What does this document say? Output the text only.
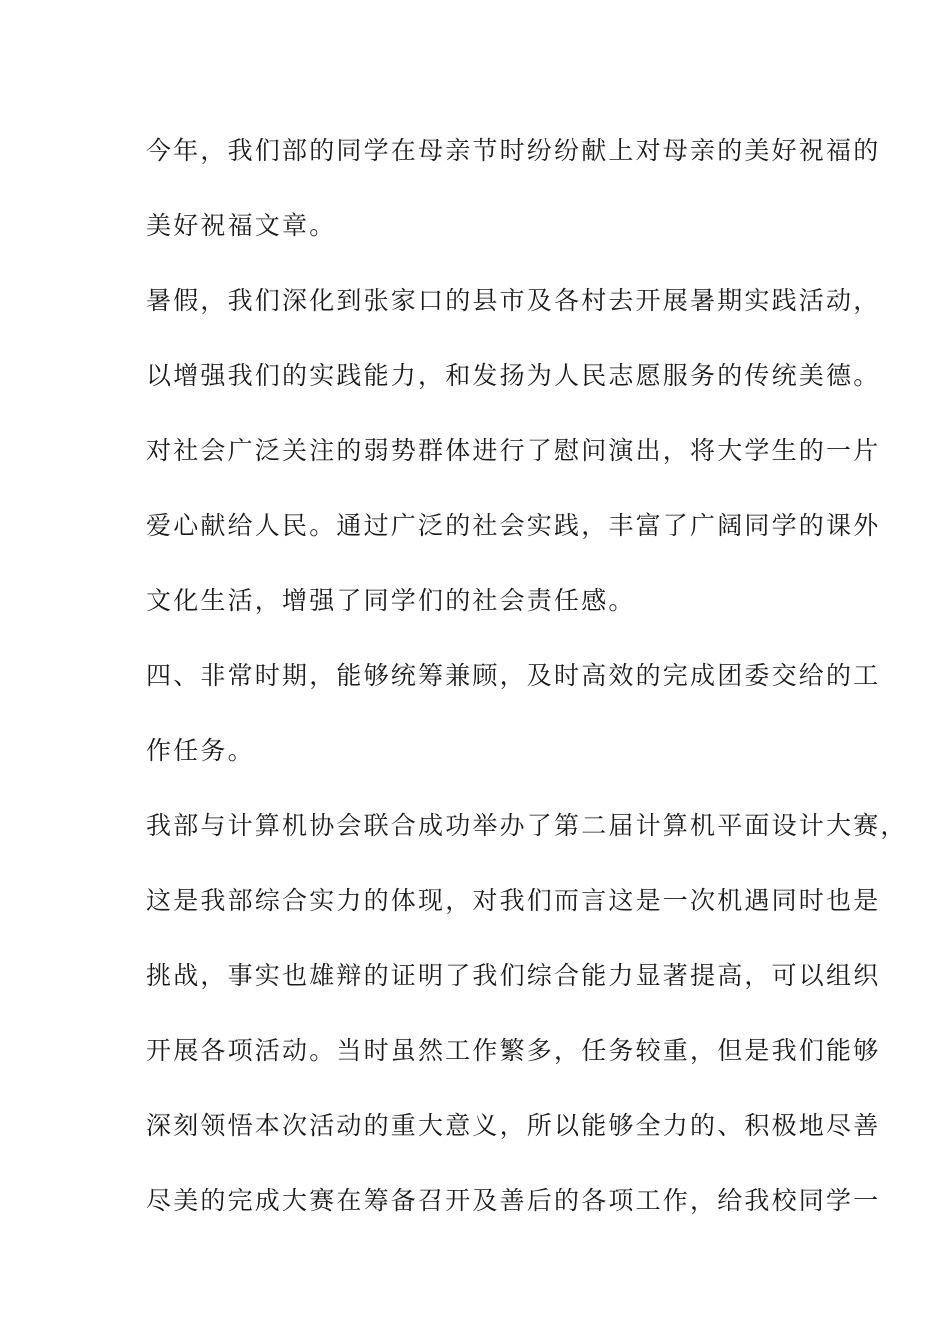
今年，我们部的同学在母亲节时纷纷献上对母亲的美好祝福的
美好祝福文章。
暑假，我们深化到张家口的县市及各村去开展暑期实践活动，
以增强我们的实践能力，和发扬为人民志愿服务的传统美德。
对社会广泛关注的弱势群体进行了慰问演出，将大学生的一片
爱心献给人民。通过广泛的社会实践，丰富了广阔同学的课外
文化生活，增强了同学们的社会责任感。
四、非常时期，能够统筹兼顾，及时高效的完成团委交给的工
作任务。
我部与计算机协会联合成功举办了第二届计算机平面设计大赛，
这是我部综合实力的体现，对我们而言这是一次机遇同时也是
挑战，事实也雄辩的证明了我们综合能力显著提高，可以组织
开展各项活动。当时虽然工作繁多，任务较重，但是我们能够
深刻领悟本次活动的重大意义，所以能够全力的、积极地尽善
尽美的完成大赛在筹备召开及善后的各项工作，给我校同学一
